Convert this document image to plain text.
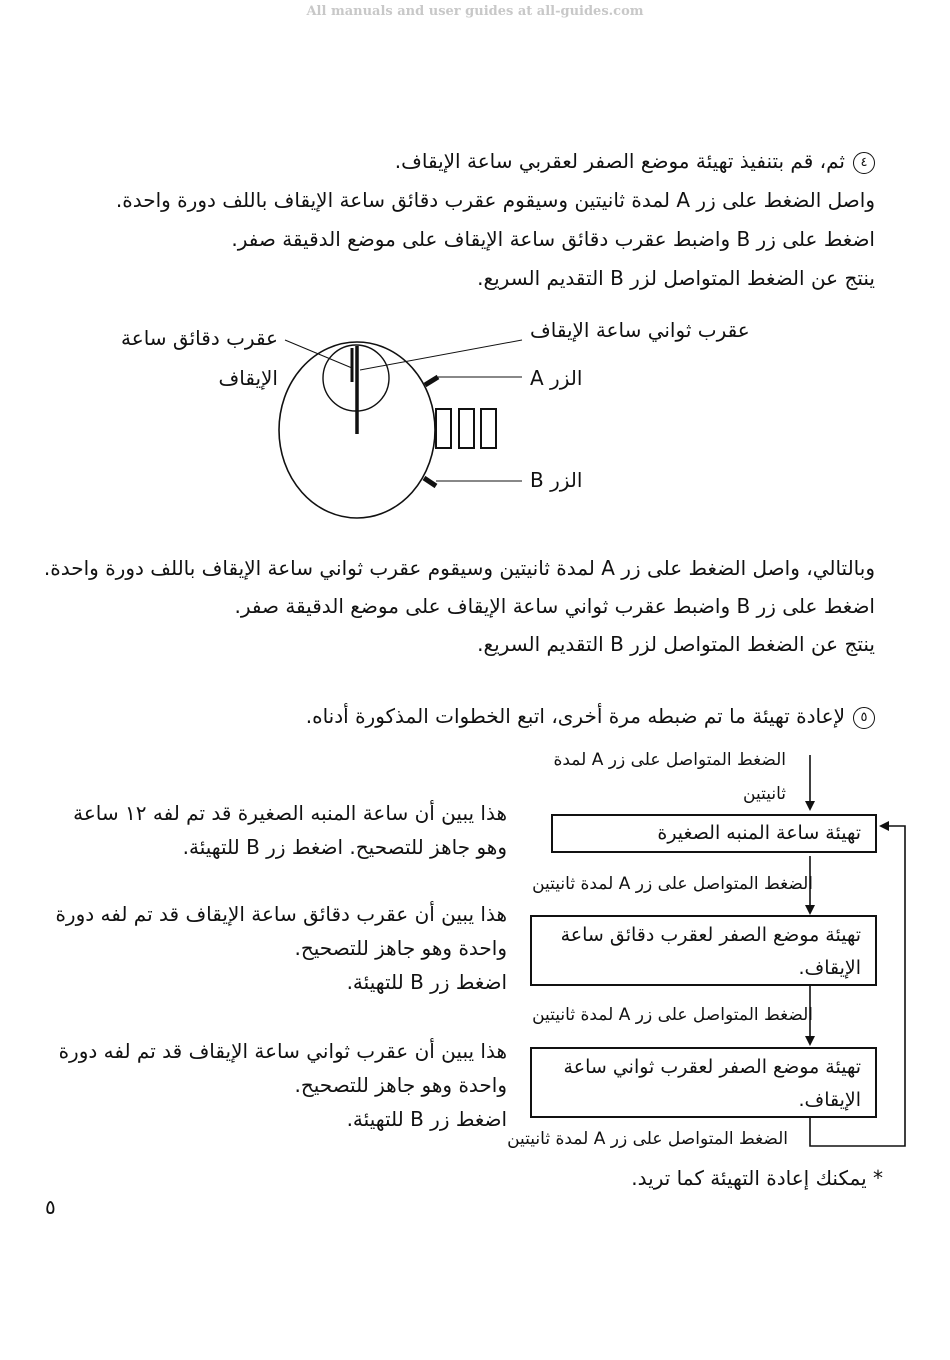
All manuals and user guides at all-guides.com
٤ثم، قم بتنفيذ تهيئة موضع الصفر لعقربي ساعة الإيقاف.
واصل الضغط على زر A لمدة ثانيتين وسيقوم عقرب دقائق ساعة الإيقاف باللف دورة واحدة.
اضغط على زر B واضبط عقرب دقائق ساعة الإيقاف على موضع الدقيقة صفر.
ينتج عن الضغط المتواصل لزر B التقديم السريع.
عقرب دقائق ساعة
الإيقاف
عقرب ثواني ساعة الإيقاف
الزر A
الزر B
وبالتالي، واصل الضغط على زر A لمدة ثانيتين وسيقوم عقرب ثواني ساعة الإيقاف باللف دورة واحدة.
اضغط على زر B واضبط عقرب ثواني ساعة الإيقاف على موضع الدقيقة صفر.
ينتج عن الضغط المتواصل لزر B التقديم السريع.
٥لإعادة تهيئة ما تم ضبطه مرة أخرى، اتبع الخطوات المذكورة أدناه.
هذا يبين أن ساعة المنبه الصغيرة قد تم لفه ١٢ ساعة
وهو جاهز للتصحيح. اضغط زر B للتهيئة.
هذا يبين أن عقرب دقائق ساعة الإيقاف قد تم لفه دورة
واحدة وهو جاهز للتصحيح.
اضغط زر B للتهيئة.
هذا يبين أن عقرب ثواني ساعة الإيقاف قد تم لفه دورة
واحدة وهو جاهز للتصحيح.
اضغط زر B للتهيئة.
الضغط المتواصل على زر A لمدة
ثانيتين
تهيئة ساعة المنبه الصغيرة
الضغط المتواصل على زر A لمدة ثانيتين
تهيئة موضع الصفر لعقرب دقائق ساعة
الإيقاف.
الضغط المتواصل على زر A لمدة ثانيتين
تهيئة موضع الصفر لعقرب ثواني ساعة
الإيقاف.
الضغط المتواصل على زر A لمدة ثانيتين
* يمكنك إعادة التهيئة كما تريد.
٥
